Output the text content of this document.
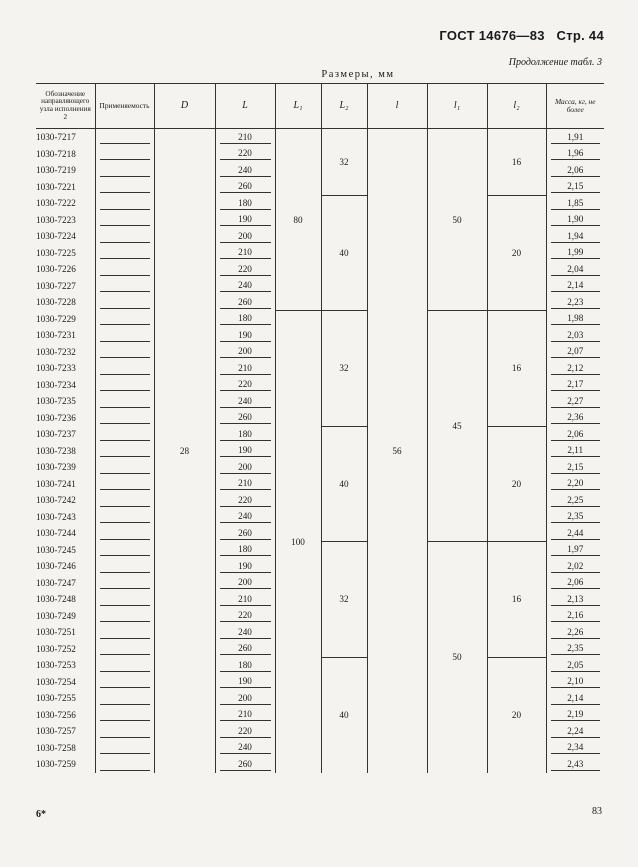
ГОСТ 14676—83 Стр. 44
Продолжение табл. 3
Размеры, мм
Обозначение направляющего узла исполнения 2	Применяемость	D	L	L₁	L₂	l	l₁	l₂	Масса, кг, не более
1030-7217		28	210	80	32	56	50	16	1,91

1030-7218			220						1,96

1030-7219			240						2,06

1030-7221			260						2,15

1030-7222			180		40			20	1,85

1030-7223			190						1,90

1030-7224			200						1,94

1030-7225			210						1,99

1030-7226			220						2,04

1030-7227			240						2,14

1030-7228			260						2,23

1030-7229			180	100	32		45	16	1,98

1030-7231			190						2,03

1030-7232			200						2,07

1030-7233			210						2,12

1030-7234			220						2,17

1030-7235			240						2,27

1030-7236			260						2,36

1030-7237			180		40			20	2,06

1030-7238			190						2,11

1030-7239			200						2,15

1030-7241			210						2,20

1030-7242			220						2,25

1030-7243			240						2,35

1030-7244			260						2,44

1030-7245			180		32		50	16	1,97

1030-7246			190						2,02

1030-7247			200						2,06

1030-7248			210						2,13

1030-7249			220						2,16

1030-7251			240						2,26

1030-7252			260						2,35

1030-7253			180		40			20	2,05

1030-7254			190						2,10

1030-7255			200						2,14

1030-7256			210						2,19

1030-7257			220						2,24

1030-7258			240						2,34

1030-7259			260						2,43
6*	83
